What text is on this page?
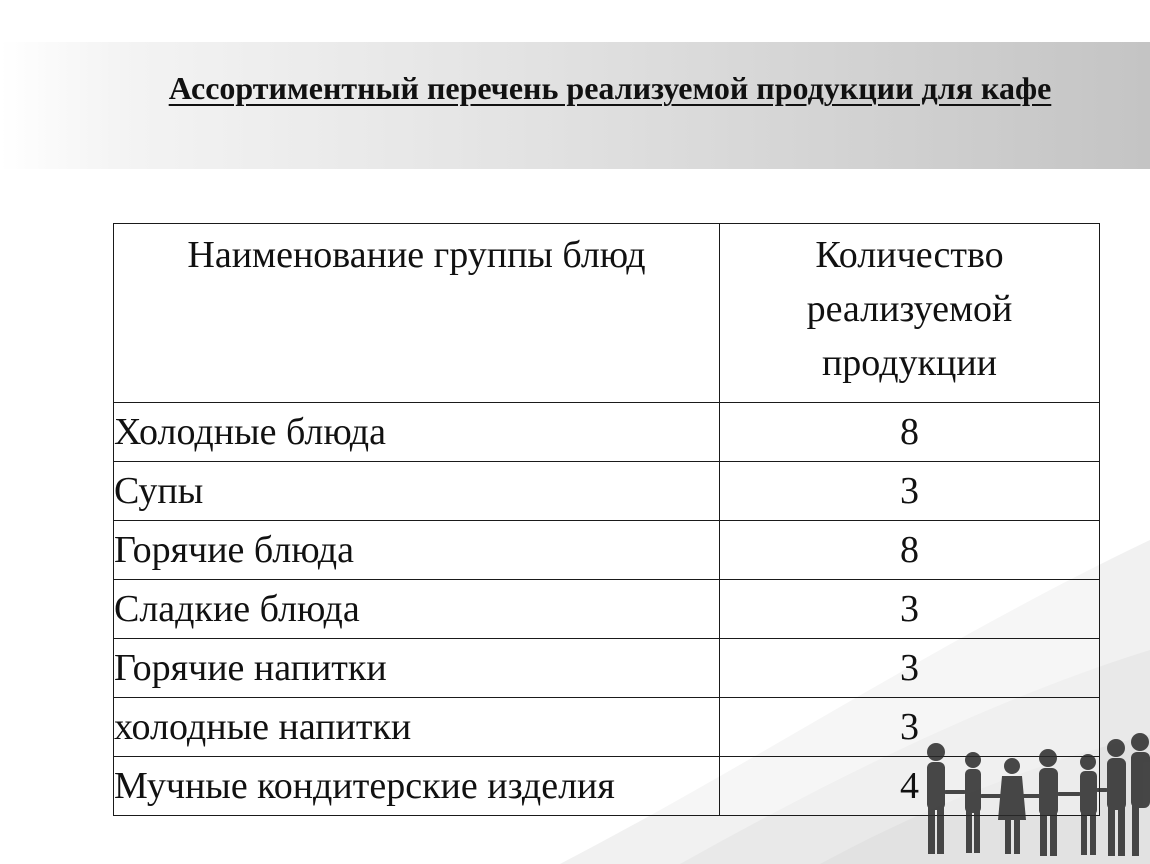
Ассортиментный перечень реализуемой продукции для кафе
Наименование группы блюд	Количество реализуемой продукции
Холодные блюда	8
Супы	3
Горячие блюда	8
Сладкие блюда	3
Горячие напитки	3
холодные напитки	3
Мучные кондитерские изделия	4
